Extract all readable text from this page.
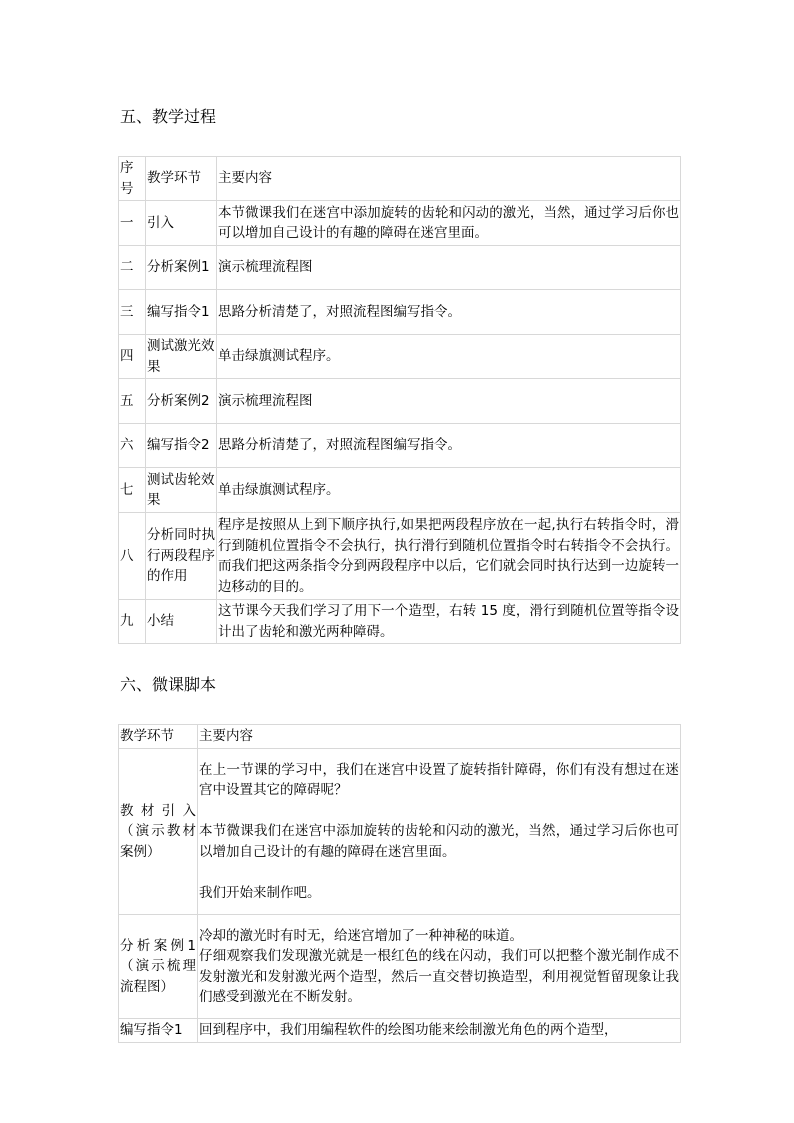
五、教学过程
序号	教学环节	主要内容
一	引入	本节微课我们在迷宫中添加旋转的齿轮和闪动的激光，当然，通过学习后你也可以增加自己设计的有趣的障碍在迷宫里面。
二	分析案例1	演示梳理流程图
三	编写指令1	思路分析清楚了，对照流程图编写指令。
四	测试激光效果	单击绿旗测试程序。
五	分析案例2	演示梳理流程图
六	编写指令2	思路分析清楚了，对照流程图编写指令。
七	测试齿轮效果	单击绿旗测试程序。
八	分析同时执行两段程序的作用	程序是按照从上到下顺序执行,如果把两段程序放在一起,执行右转指令时，滑行到随机位置指令不会执行，执行滑行到随机位置指令时右转指令不会执行。而我们把这两条指令分到两段程序中以后，它们就会同时执行达到一边旋转一边移动的目的。
九	小结	这节课今天我们学习了用下一个造型，右转 15 度，滑行到随机位置等指令设计出了齿轮和激光两种障碍。
六、微课脚本
教学环节	主要内容
教材引入（演示教材案例）	在上一节课的学习中，我们在迷宫中设置了旋转指针障碍，你们有没有想过在迷宫中设置其它的障碍呢？

本节微课我们在迷宫中添加旋转的齿轮和闪动的激光，当然，通过学习后你也可以增加自己设计的有趣的障碍在迷宫里面。

我们开始来制作吧。
分析案例1（演示梳理流程图）	冷却的激光时有时无，给迷宫增加了一种神秘的味道。
仔细观察我们发现激光就是一根红色的线在闪动，我们可以把整个激光制作成不发射激光和发射激光两个造型，然后一直交替切换造型，利用视觉暂留现象让我们感受到激光在不断发射。
编写指令1	回到程序中，我们用编程软件的绘图功能来绘制激光角色的两个造型，
